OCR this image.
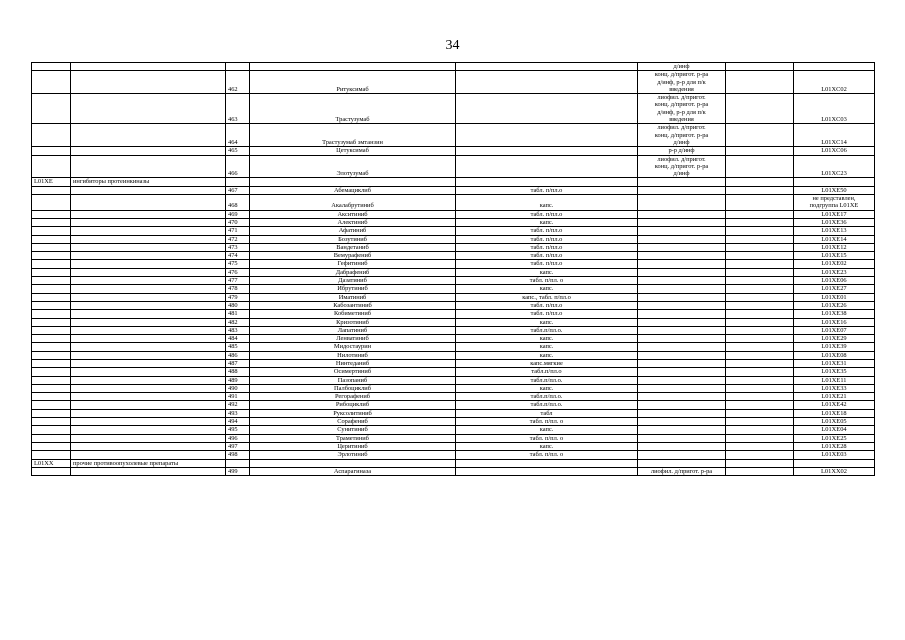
34

					д/инф		

		462	Ритуксимаб		конц. д/пригот. р-ра
д/инф, р-р для п/к
введения		L01XC02
		463	Трастузумаб		лиофил. д/пригот.
конц. д/пригот. р-ра
д/инф, р-р для п/к
введения		L01XC03
		464	Трастузумаб эмтанзин		лиофил. д/пригот.
конц. д/пригот. р-ра
д/инф		L01XC14
		465	Цетуксимаб		р-р д/инф		L01XC06
		466	Элотузумаб		лиофил. д/пригот.
конц. д/пригот. р-ра
д/инф		L01XC23
L01XE	ингибиторы протеинкиназы						
		467	Абемациклиб	табл. п/пл.о			L01XE50
		468	Акалабрутиниб	капс.			не представлен,
подгруппа L01XE

		469	Акситиниб	табл. п/пл.о			L01XE17
		470	Алектиниб	капс.			L01XE36
		471	Афатиниб	табл. п/пл.о			L01XE13
		472	Бозутиниб	табл. п/пл.о			L01XE14
		473	Вандетаниб	табл. п/пл.о			L01XE12
		474	Вемурафениб	табл. п/пл.о			L01XE15
		475	Гефитиниб	табл. п/пл.о			L01XE02
		476	Дабрафениб	капс.			L01XE23
		477	Дазатиниб	табл. п/пл. о			L01XE06
		478	Ибрутиниб	капс.			L01XE27
		479	Иматиниб	капс., табл. п/пл.о			L01XE01
		480	Кабозантиниб	табл. п/пл.о			L01XE26
		481	Кобиметиниб	табл. п/пл.о			L01XE38
		482	Кризотиниб	капс.			L01XE16
		483	Лапатиниб	табл.п/пл.о.			L01XE07
		484	Ленватиниб	капс.			L01XE29
		485	Мидостаурин	капс.			L01XE39
		486	Нилотиниб	капс.			L01XE08
		487	Нинтеданиб	капс.мягкие			L01XE31
		488	Осимертиниб	табл.п/пл.о			L01XE35
		489	Пазопаниб	табл.п/пл.о.			L01XE11
		490	Палбоциклиб	капс.			L01XE33
		491	Регорафениб	табл.п/пл.о.			L01XE21
		492	Рибоциклиб	табл.п/пл.о.			L01XE42
		493	Руксолитиниб	табл			L01XE18
		494	Сорафениб	табл. п/пл. о			L01XE05
		495	Сунитиниб	капс.			L01XE04
		496	Траметиниб	табл. п/пл. о			L01XE25
		497	Церитиниб	капс.			L01XE28
		498	Эрлотиниб	табл. п/пл. о			L01XE03
L01XX	прочие противоопухолевые препараты						
		499	Аспарагиназа		лиофил. д/пригот. р-ра		L01XX02
